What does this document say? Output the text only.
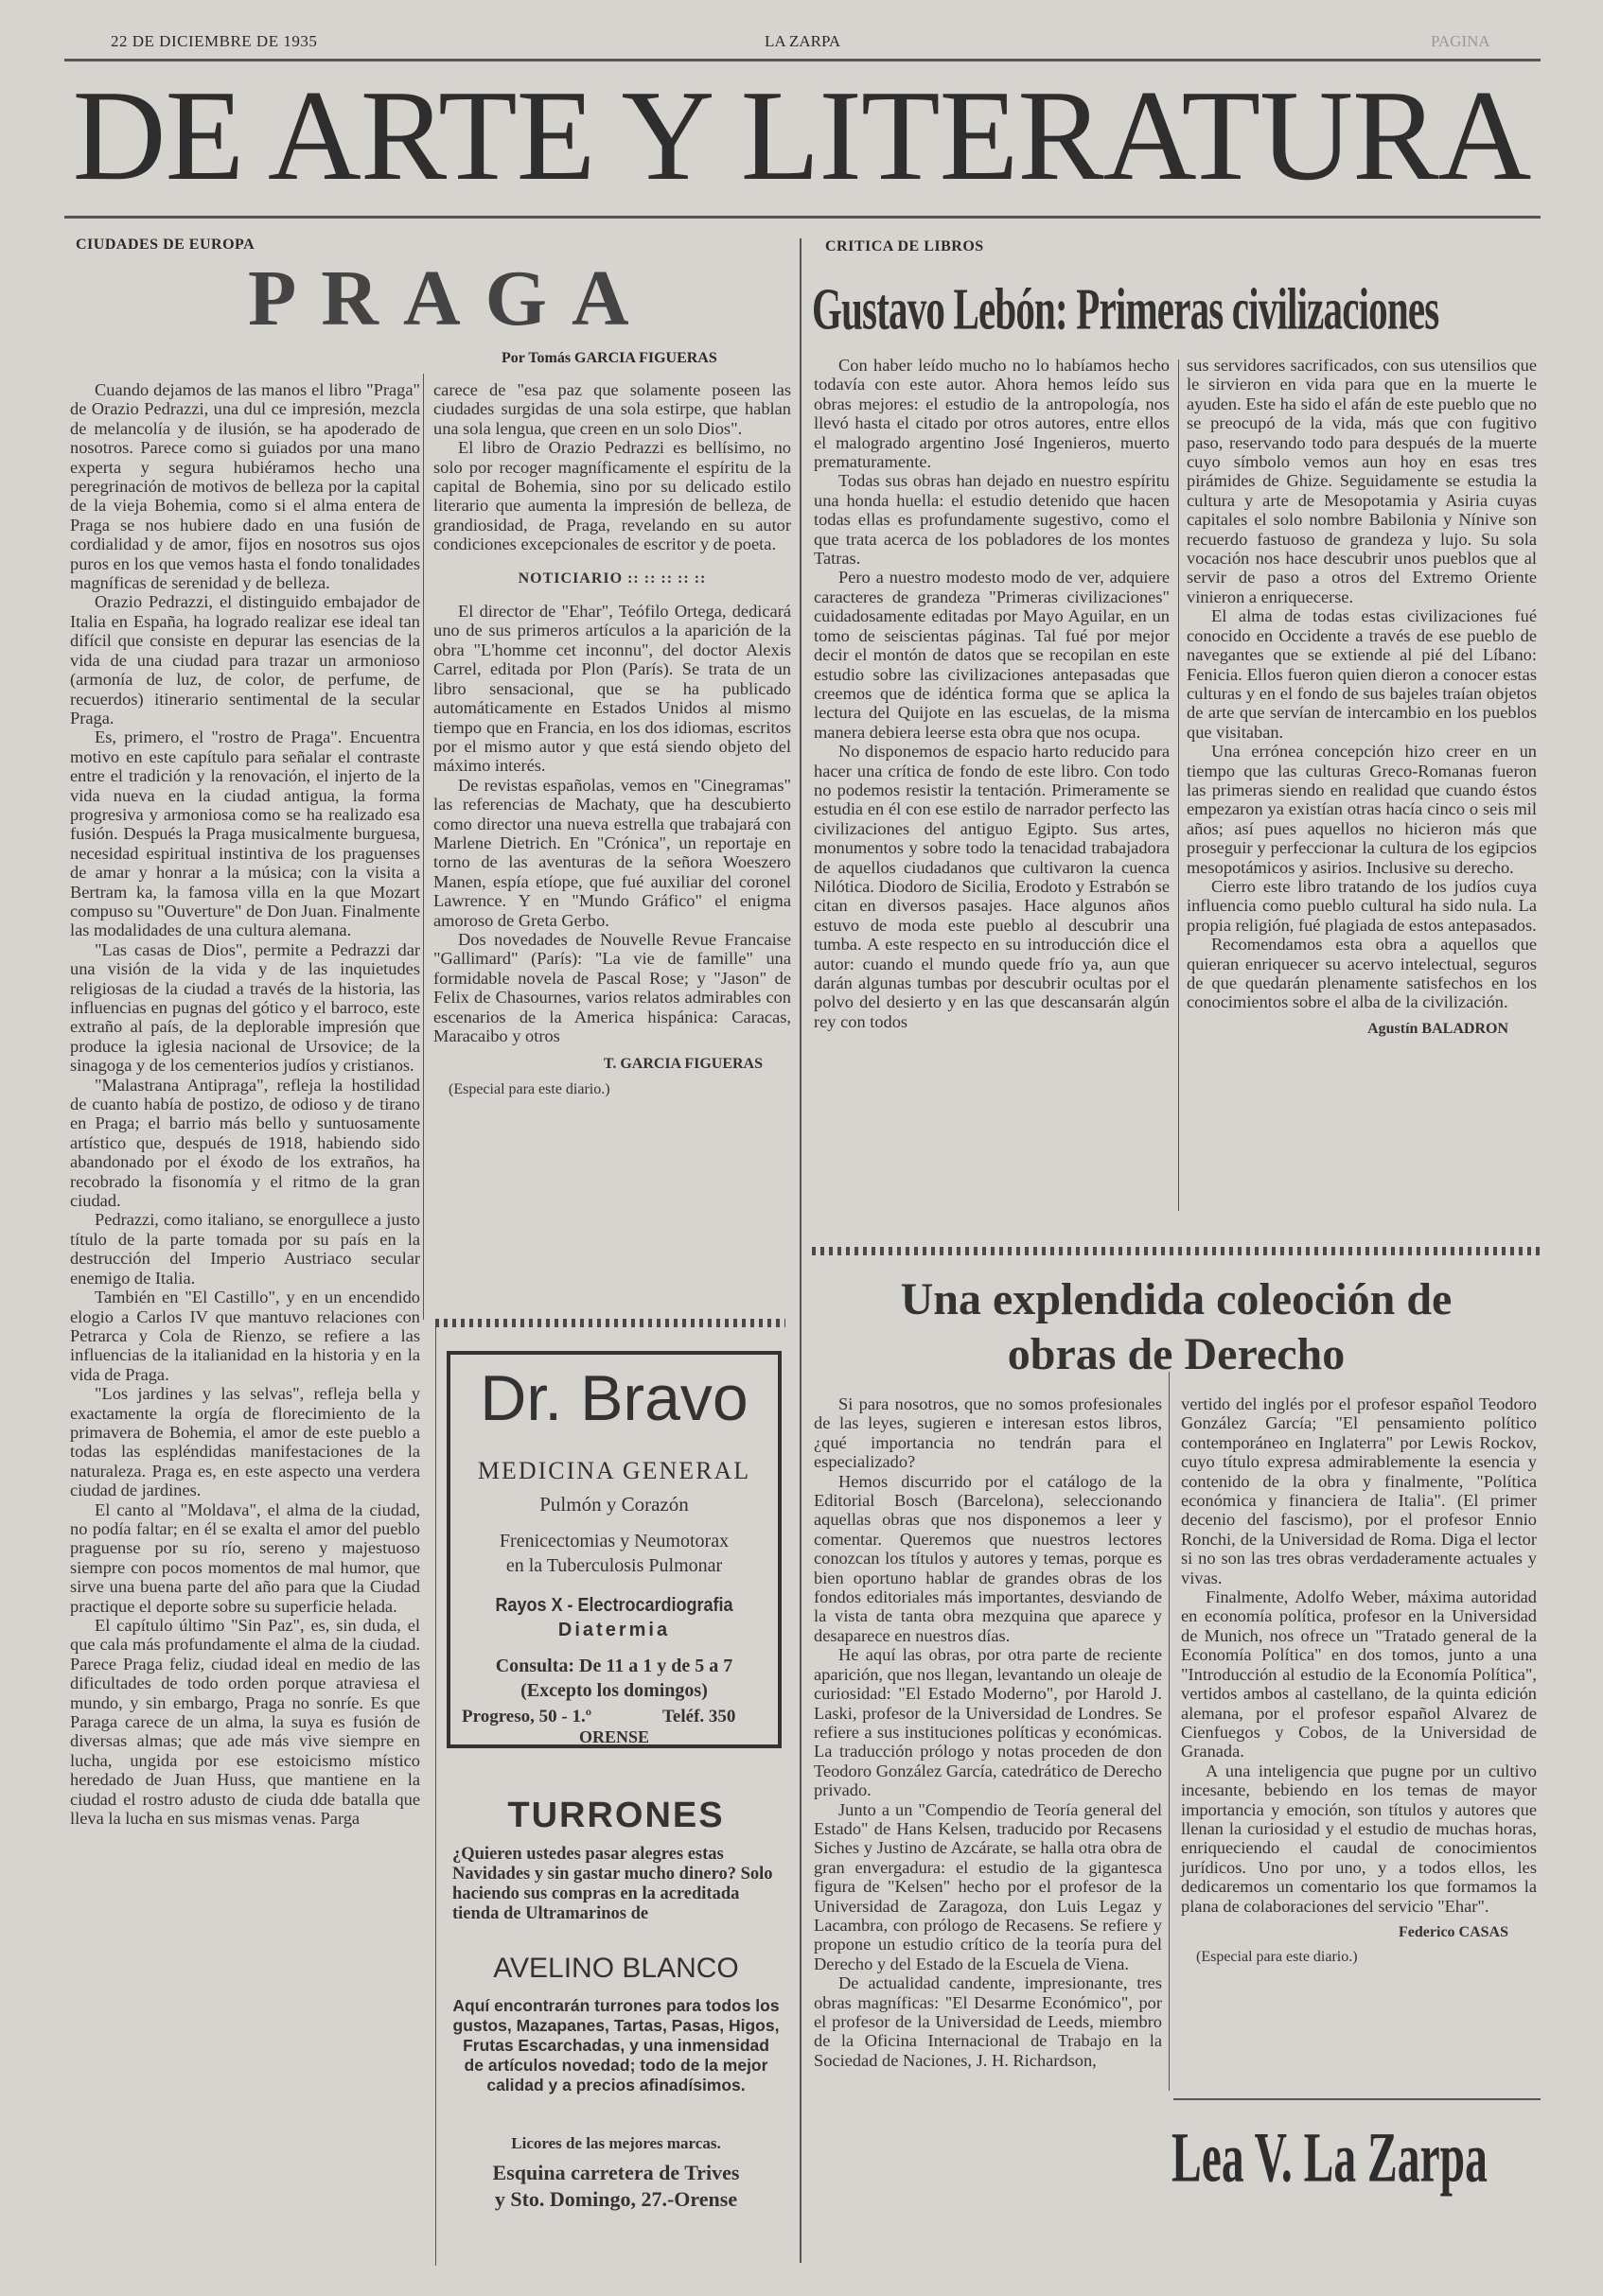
22 DE DICIEMBRE DE 1935	LA ZARPA	PAGINA
DE ARTE Y LITERATURA
CIUDADES DE EUROPA
PRAGA
Por Tomás GARCIA FIGUERAS

Cuando dejamos de las manos el libro "Praga" de Orazio Pedrazzi, una dul ce impresión, mezcla de melancolía y de ilusión, se ha apoderado de nosotros. Parece como si guiados por una mano experta y segura hubiéramos hecho una peregrinación de motivos de belleza por la capital de la vieja Bohemia, como si el alma entera de Praga se nos hubiere dado en una fusión de cordialidad y de amor, fijos en nosotros sus ojos puros en los que vemos hasta el fondo tonalidades magníficas de serenidad y de belleza.

Orazio Pedrazzi, el distinguido embajador de Italia en España, ha logrado realizar ese ideal tan difícil que consiste en depurar las esencias de la vida de una ciudad para trazar un armonioso (armonía de luz, de color, de perfume, de recuerdos) itinerario sentimental de la secular Praga.

Es, primero, el "rostro de Praga". Encuentra motivo en este capítulo para señalar el contraste entre el tradición y la renovación, el injerto de la vida nueva en la ciudad antigua, la forma progresiva y armoniosa como se ha realizado esa fusión. Después la Praga musicalmente burguesa, necesidad espiritual instintiva de los praguenses de amar y honrar a la música; con la visita a Bertram ka, la famosa villa en la que Mozart compuso su "Ouverture" de Don Juan. Finalmente las modalidades de una cultura alemana.

"Las casas de Dios", permite a Pedrazzi dar una visión de la vida y de las inquietudes religiosas de la ciudad a través de la historia, las influencias en pugnas del gótico y el barroco, este extraño al país, de la deplorable impresión que produce la iglesia nacional de Ursovice; de la sinagoga y de los cementerios judíos y cristianos.

"Malastrana Antipraga", refleja la hostilidad de cuanto había de postizo, de odioso y de tirano en Praga; el barrio más bello y suntuosamente artístico que, después de 1918, habiendo sido abandonado por el éxodo de los extraños, ha recobrado la fisonomía y el ritmo de la gran ciudad.

Pedrazzi, como italiano, se enorgullece a justo título de la parte tomada por su país en la destrucción del Imperio Austriaco secular enemigo de Italia.

También en "El Castillo", y en un encendido elogio a Carlos IV que mantuvo relaciones con Petrarca y Cola de Rienzo, se refiere a las influencias de la italianidad en la historia y en la vida de Praga.

"Los jardines y las selvas", refleja bella y exactamente la orgía de florecimiento de la primavera de Bohemia, el amor de este pueblo a todas las espléndidas manifestaciones de la naturaleza. Praga es, en este aspecto una verdera ciudad de jardines.

El canto al "Moldava", el alma de la ciudad, no podía faltar; en él se exalta el amor del pueblo praguense por su río, sereno y majestuoso siempre con pocos momentos de mal humor, que sirve una buena parte del año para que la Ciudad practique el deporte sobre su superficie helada.

El capítulo último "Sin Paz", es, sin duda, el que cala más profundamente el alma de la ciudad. Parece Praga feliz, ciudad ideal en medio de las dificultades de todo orden porque atraviesa el mundo, y sin embargo, Praga no sonríe. Es que Paraga carece de un alma, la suya es fusión de diversas almas; que ade más vive siempre en lucha, ungida por ese estoicismo místico heredado de Juan Huss, que mantiene en la ciudad el rostro adusto de ciuda dde batalla que lleva la lucha en sus mismas venas. Parga

carece de "esa paz que solamente poseen las ciudades surgidas de una sola estirpe, que hablan una sola lengua, que creen en un solo Dios".

El libro de Orazio Pedrazzi es bellísimo, no solo por recoger magníficamente el espíritu de la capital de Bohemia, sino por su delicado estilo literario que aumenta la impresión de belleza, de grandiosidad, de Praga, revelando en su autor condiciones excepcionales de escritor y de poeta.

NOTICIARIO :: :: :: :: ::

El director de "Ehar", Teófilo Ortega, dedicará uno de sus primeros artículos a la aparición de la obra "L'homme cet inconnu", del doctor Alexis Carrel, editada por Plon (París). Se trata de un libro sensacional, que se ha publicado automáticamente en Estados Unidos al mismo tiempo que en Francia, en los dos idiomas, escritos por el mismo autor y que está siendo objeto del máximo interés.

De revistas españolas, vemos en "Cinegramas" las referencias de Machaty, que ha descubierto como director una nueva estrella que trabajará con Marlene Dietrich. En "Crónica", un reportaje en torno de las aventuras de la señora Woeszero Manen, espía etíope, que fué auxiliar del coronel Lawrence. Y en "Mundo Gráfico" el enigma amoroso de Greta Gerbo.

Dos novedades de Nouvelle Revue Francaise "Gallimard" (París): "La vie de famille" una formidable novela de Pascal Rose; y "Jason" de Felix de Chasournes, varios relatos admirables con escenarios de la America hispánica: Caracas, Maracaibo y otros

T. GARCIA FIGUERAS
(Especial para este diario.)
Dr. Bravo
MEDICINA GENERAL
Pulmón y Corazón
Frenicectomias y Neumotorax
en la Tuberculosis Pulmonar
Rayos X - Electrocardiografia
Diatermia
Consulta: De 11 a 1 y de 5 a 7
(Excepto los domingos)
Progreso, 50 - 1.º	Teléf. 350
ORENSE
TURRONES
¿Quieren ustedes pasar alegres estas Navidades y sin gastar mucho dinero? Solo haciendo sus compras en la acreditada tienda de Ultramarinos de
AVELINO BLANCO
Aquí encontrarán turrones para todos los gustos, Mazapanes, Tartas, Pasas, Higos, Frutas Escarchadas, y una inmensidad de artículos novedad; todo de la mejor calidad y a precios afinadísimos.
Licores de las mejores marcas.
Esquina carretera de Trives
y Sto. Domingo, 27.-Orense
CRITICA DE LIBROS
Gustavo Lebón: Primeras civilizaciones

Con haber leído mucho no lo habíamos hecho todavía con este autor. Ahora hemos leído sus obras mejores: el estudio de la antropología, nos llevó hasta el citado por otros autores, entre ellos el malogrado argentino José Ingenieros, muerto prematuramente.

Todas sus obras han dejado en nuestro espíritu una honda huella: el estudio detenido que hacen todas ellas es profundamente sugestivo, como el que trata acerca de los pobladores de los montes Tatras.

Pero a nuestro modesto modo de ver, adquiere caracteres de grandeza "Primeras civilizaciones" cuidadosamente editadas por Mayo Aguilar, en un tomo de seiscientas páginas. Tal fué por mejor decir el montón de datos que se recopilan en este estudio sobre las civilizaciones antepasadas que creemos que de idéntica forma que se aplica la lectura del Quijote en las escuelas, de la misma manera debiera leerse esta obra que nos ocupa.

No disponemos de espacio harto reducido para hacer una crítica de fondo de este libro. Con todo no podemos resistir la tentación. Primeramente se estudia en él con ese estilo de narrador perfecto las civilizaciones del antiguo Egipto. Sus artes, monumentos y sobre todo la tenacidad trabajadora de aquellos ciudadanos que cultivaron la cuenca Nilótica. Diodoro de Sicilia, Erodoto y Estrabón se citan en diversos pasajes. Hace algunos años estuvo de moda este pueblo al descubrir una tumba. A este respecto en su introducción dice el autor: cuando el mundo quede frío ya, aun que darán algunas tumbas por descubrir ocultas por el polvo del desierto y en las que descansarán algún rey con todos

sus servidores sacrificados, con sus utensilios que le sirvieron en vida para que en la muerte le ayuden. Este ha sido el afán de este pueblo que no se preocupó de la vida, más que con fugitivo paso, reservando todo para después de la muerte cuyo símbolo vemos aun hoy en esas tres pirámides de Ghize. Seguidamente se estudia la cultura y arte de Mesopotamia y Asiria cuyas capitales el solo nombre Babilonia y Nínive son recuerdo fastuoso de grandeza y lujo. Su sola vocación nos hace descubrir unos pueblos que al servir de paso a otros del Extremo Oriente vinieron a enriquecerse.

El alma de todas estas civilizaciones fué conocido en Occidente a través de ese pueblo de navegantes que se extiende al pié del Líbano: Fenicia. Ellos fueron quien dieron a conocer estas culturas y en el fondo de sus bajeles traían objetos de arte que servían de intercambio en los pueblos que visitaban.

Una errónea concepción hizo creer en un tiempo que las culturas Greco-Romanas fueron las primeras siendo en realidad que cuando éstos empezaron ya existían otras hacía cinco o seis mil años; así pues aquellos no hicieron más que proseguir y perfeccionar la cultura de los egipcios mesopotámicos y asirios. Inclusive su derecho.

Cierro este libro tratando de los judíos cuya influencia como pueblo cultural ha sido nula. La propia religión, fué plagiada de estos antepasados.

Recomendamos esta obra a aquellos que quieran enriquecer su acervo intelectual, seguros de que quedarán plenamente satisfechos en los conocimientos sobre el alba de la civilización.

Agustín BALADRON
Una explendida coleoción de
obras de Derecho

Si para nosotros, que no somos profesionales de las leyes, sugieren e interesan estos libros, ¿qué importancia no tendrán para el especializado?

Hemos discurrido por el catálogo de la Editorial Bosch (Barcelona), seleccionando aquellas obras que nos disponemos a leer y comentar. Queremos que nuestros lectores conozcan los títulos y autores y temas, porque es bien oportuno hablar de grandes obras de los fondos editoriales más importantes, desviando de la vista de tanta obra mezquina que aparece y desaparece en nuestros días.

He aquí las obras, por otra parte de reciente aparición, que nos llegan, levantando un oleaje de curiosidad: "El Estado Moderno", por Harold J. Laski, profesor de la Universidad de Londres. Se refiere a sus instituciones políticas y económicas. La traducción prólogo y notas proceden de don Teodoro González García, catedrático de Derecho privado.

Junto a un "Compendio de Teoría general del Estado" de Hans Kelsen, traducido por Recasens Siches y Justino de Azcárate, se halla otra obra de gran envergadura: el estudio de la gigantesca figura de "Kelsen" hecho por el profesor de la Universidad de Zaragoza, don Luis Legaz y Lacambra, con prólogo de Recasens. Se refiere y propone un estudio crítico de la teoría pura del Derecho y del Estado de la Escuela de Viena.

De actualidad candente, impresionante, tres obras magníficas: "El Desarme Económico", por el profesor de la Universidad de Leeds, miembro de la Oficina Internacional de Trabajo en la Sociedad de Naciones, J. H. Richardson,

vertido del inglés por el profesor español Teodoro González García; "El pensamiento político contemporáneo en Inglaterra" por Lewis Rockov, cuyo título expresa admirablemente la esencia y contenido de la obra y finalmente, "Política económica y financiera de Italia". (El primer decenio del fascismo), por el profesor Ennio Ronchi, de la Universidad de Roma. Diga el lector si no son las tres obras verdaderamente actuales y vivas.

Finalmente, Adolfo Weber, máxima autoridad en economía política, profesor en la Universidad de Munich, nos ofrece un "Tratado general de la Economía Política" en dos tomos, junto a una "Introducción al estudio de la Economía Política", vertidos ambos al castellano, de la quinta edición alemana, por el profesor español Alvarez de Cienfuegos y Cobos, de la Universidad de Granada.

A una inteligencia que pugne por un cultivo incesante, bebiendo en los temas de mayor importancia y emoción, son títulos y autores que llenan la curiosidad y el estudio de muchas horas, enriqueciendo el caudal de conocimientos jurídicos. Uno por uno, y a todos ellos, les dedicaremos un comentario los que formamos la plana de colaboraciones del servicio "Ehar".

Federico CASAS
(Especial para este diario.)
Lea V. La Zarpa
